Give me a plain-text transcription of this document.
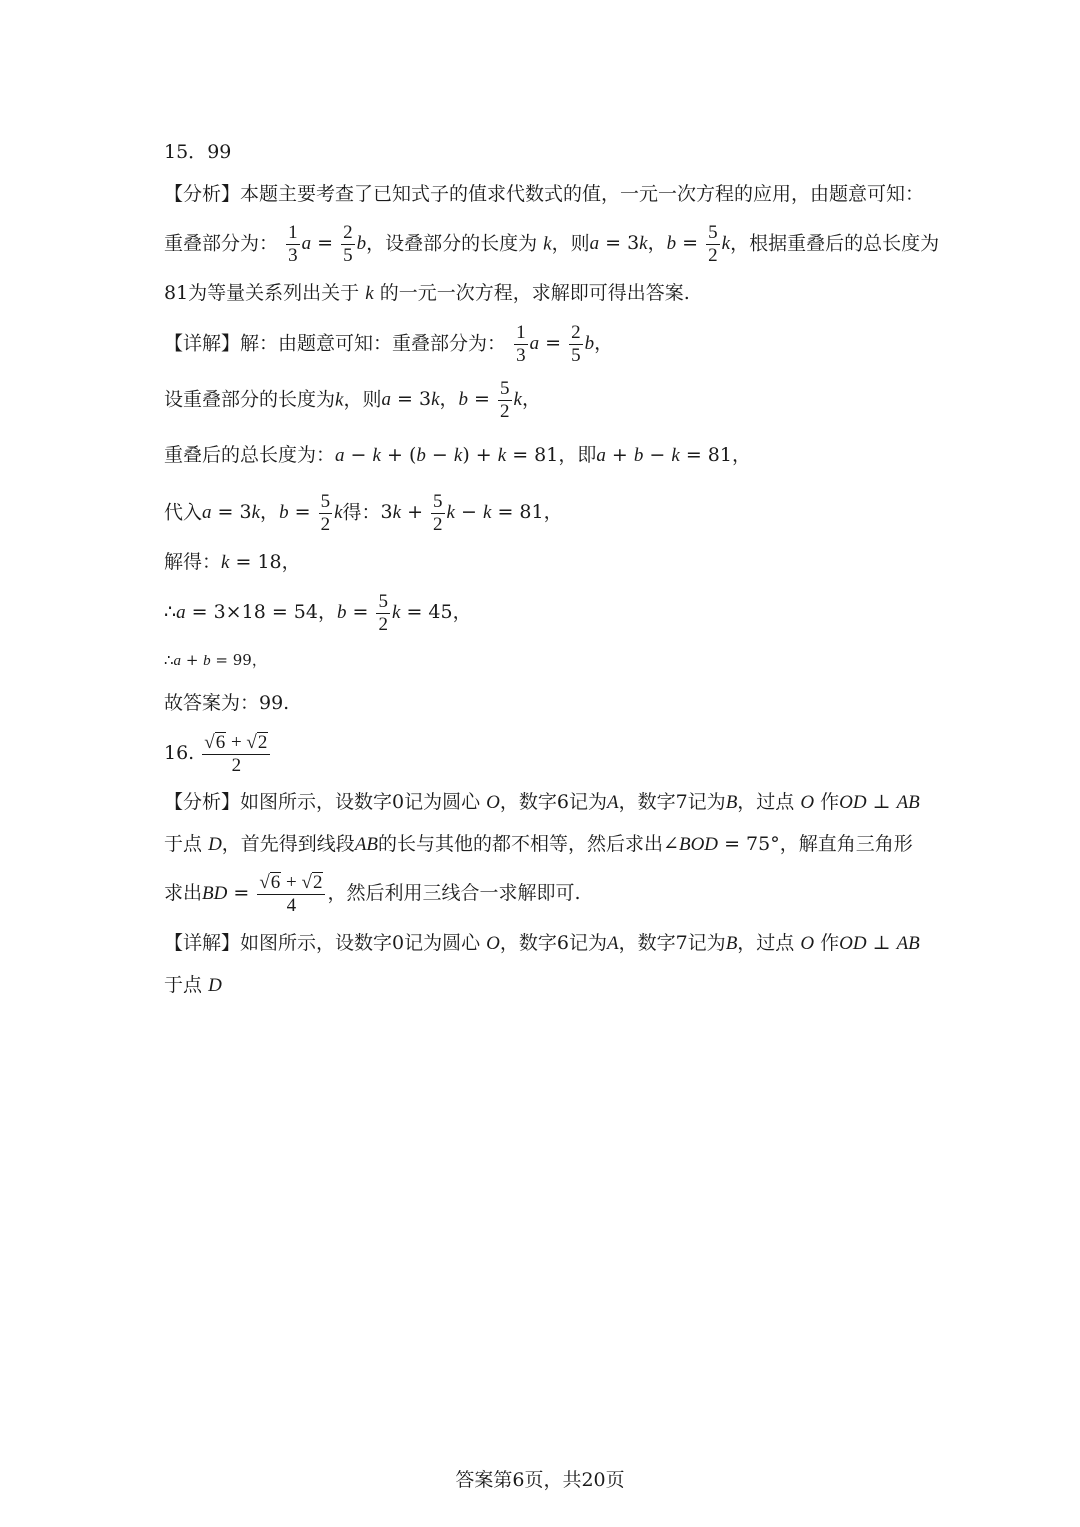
15．99
【分析】本题主要考查了已知式子的值求代数式的值，一元一次方程的应用，由题意可知：
重叠部分为： $\frac{1}{3}$ $a = \frac{2}{5}$ b，设叠部分的长度为 k，则a = 3k，$b = \frac{5}{2}$ k，根据重叠后的总长度为
81为等量关系列出关于 k 的一元一次方程，求解即可得出答案.
【详解】解：由题意可知：重叠部分为： $\frac{1}{3}$ $a = \frac{2}{5}$ b，
设重叠部分的长度为k，则a = 3k，$b = \frac{5}{2}$ k，
重叠后的总长度为：a − k + (b − k) + k = 81，即a + b − k = 81，
代入a = 3k，$b = \frac{5}{2}$ k得：$3k + \frac{5}{2}$ k − k = 81，
解得：k = 18，
∴a = 3×18 = 54，$b = \frac{5}{2}$ k = 45，
∴a + b = 99，
故答案为：99.
16. $\frac{√ 6 + √ 2}{2}$
【分析】如图所示，设数字0记为圆心 O，数字6记为A，数字7记为B，过点 O 作OD ⊥ AB
于点 D，首先得到线段AB的长与其他的都不相等，然后求出∠BOD = 75°，解直角三角形
求出BD = $\frac{√ 6 + √ 2}{4}$ ，然后利用三线合一求解即可.
【详解】如图所示，设数字0记为圆心 O，数字6记为A，数字7记为B，过点 O 作OD ⊥ AB
于点 D
答案第6页，共20页
